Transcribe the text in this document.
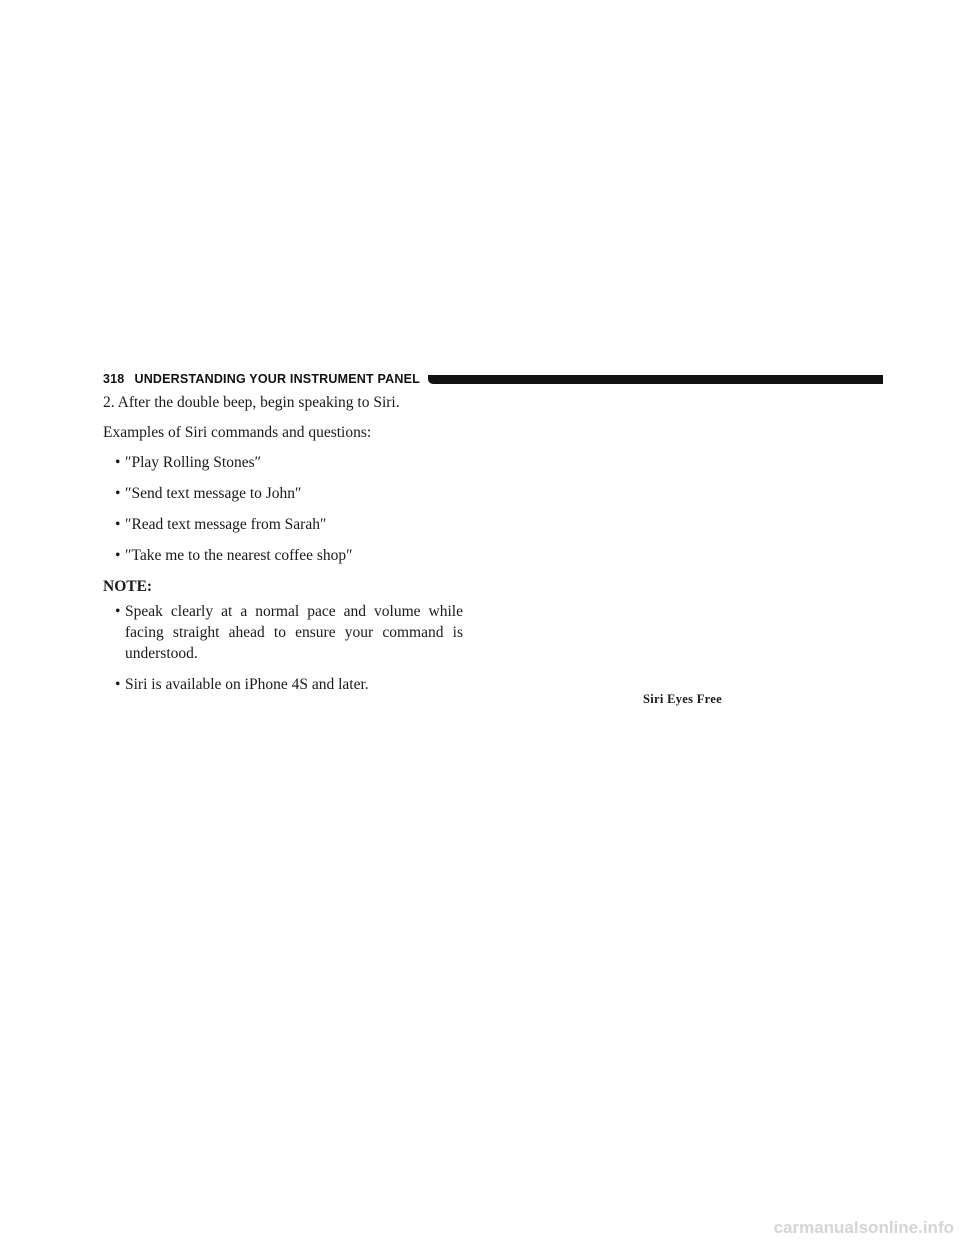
318 UNDERSTANDING YOUR INSTRUMENT PANEL

2. After the double beep, begin speaking to Siri.

Examples of Siri commands and questions:

• ″Play Rolling Stones″
• ″Send text message to John″
• ″Read text message from Sarah″
• ″Take me to the nearest coffee shop″

NOTE:

• Speak clearly at a normal pace and volume while facing straight ahead to ensure your command is understood.
• Siri is available on iPhone 4S and later.
Siri Eyes Free
carmanualsonline.info
